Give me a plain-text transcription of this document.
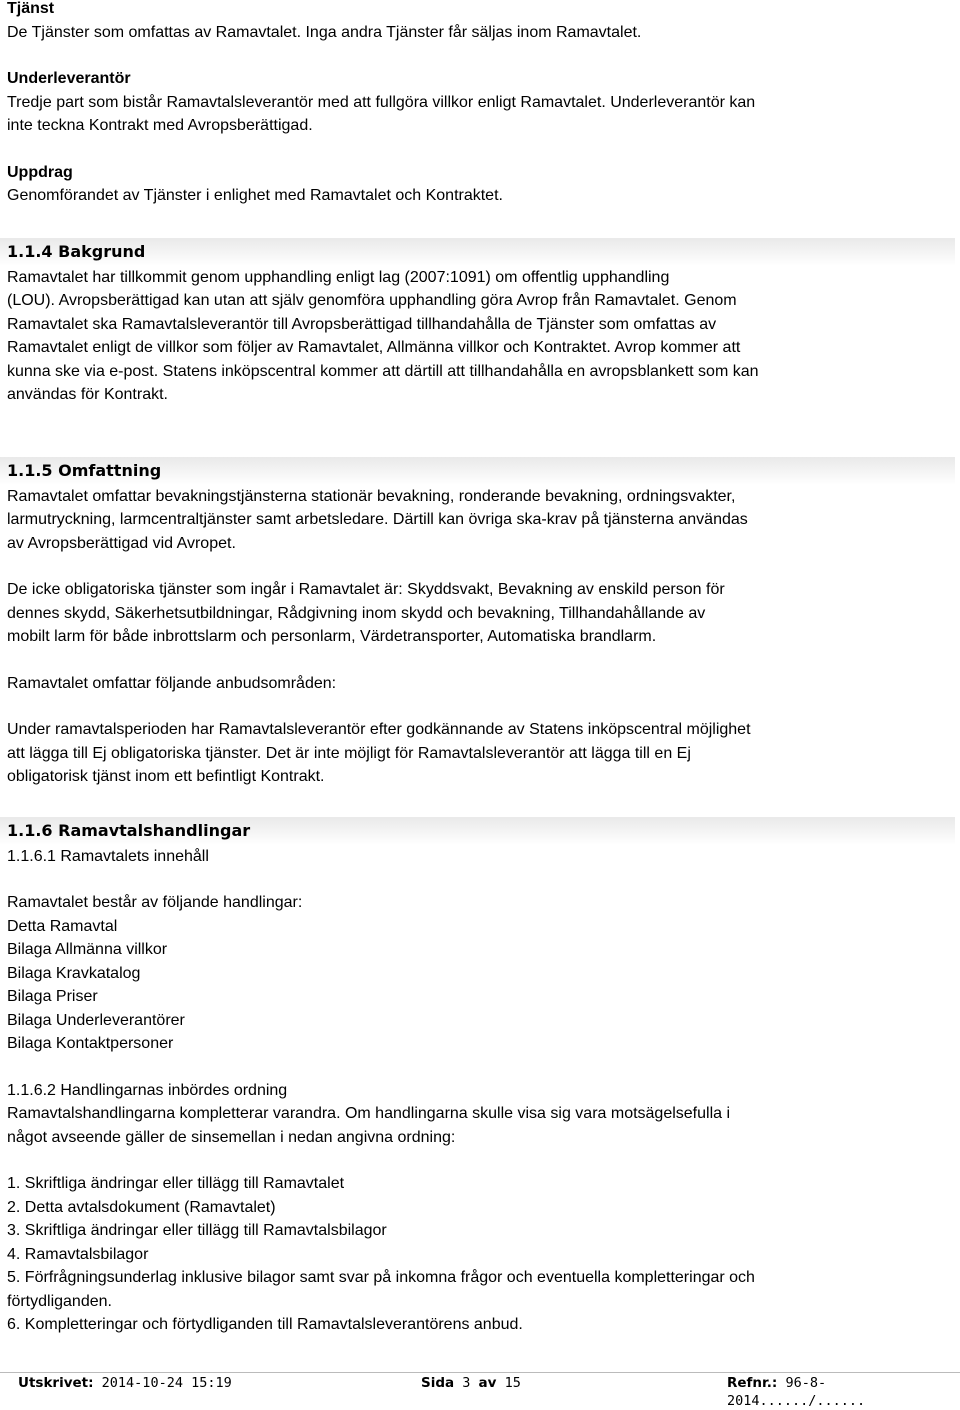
Tjänst

De Tjänster som omfattas av Ramavtalet. Inga andra Tjänster får säljas inom Ramavtalet.

Underleverantör

Tredje part som bistår Ramavtalsleverantör med att fullgöra villkor enligt Ramavtalet. Underleverantör kan

inte teckna Kontrakt med Avropsberättigad.

Uppdrag

Genomförandet av Tjänster i enlighet med Ramavtalet och Kontraktet.

1.1.4 Bakgrund

Ramavtalet har tillkommit genom upphandling enligt lag (2007:1091) om offentlig upphandling

(LOU). Avropsberättigad kan utan att själv genomföra upphandling göra Avrop från Ramavtalet. Genom

Ramavtalet ska Ramavtalsleverantör till Avropsberättigad tillhandahålla de Tjänster som omfattas av

Ramavtalet enligt de villkor som följer av Ramavtalet, Allmänna villkor och Kontraktet. Avrop kommer att

kunna ske via e-post. Statens inköpscentral kommer att därtill att tillhandahålla en avropsblankett som kan

användas för Kontrakt.

1.1.5 Omfattning

Ramavtalet omfattar bevakningstjänsterna stationär bevakning, ronderande bevakning, ordningsvakter,

larmutryckning, larmcentraltjänster samt arbetsledare. Därtill kan övriga ska-krav på tjänsterna användas

av Avropsberättigad vid Avropet.

De icke obligatoriska tjänster som ingår i Ramavtalet är: Skyddsvakt, Bevakning av enskild person för

dennes skydd, Säkerhetsutbildningar, Rådgivning inom skydd och bevakning, Tillhandahållande av

mobilt larm för både inbrottslarm och personlarm, Värdetransporter, Automatiska brandlarm.

Ramavtalet omfattar följande anbudsområden:

Under ramavtalsperioden har Ramavtalsleverantör efter godkännande av Statens inköpscentral möjlighet

att lägga till Ej obligatoriska tjänster. Det är inte möjligt för Ramavtalsleverantör att lägga till en Ej

obligatorisk tjänst inom ett befintligt Kontrakt.

1.1.6 Ramavtalshandlingar

1.1.6.1 Ramavtalets innehåll

Ramavtalet består av följande handlingar:

Detta Ramavtal

Bilaga Allmänna villkor

Bilaga Kravkatalog

Bilaga Priser

Bilaga Underleverantörer

Bilaga Kontaktpersoner

1.1.6.2 Handlingarnas inbördes ordning

Ramavtalshandlingarna kompletterar varandra. Om handlingarna skulle visa sig vara motsägelsefulla i

något avseende gäller de sinsemellan i nedan angivna ordning:

1. Skriftliga ändringar eller tillägg till Ramavtalet

2. Detta avtalsdokument (Ramavtalet)

3. Skriftliga ändringar eller tillägg till Ramavtalsbilagor

4. Ramavtalsbilagor

5. Förfrågningsunderlag inklusive bilagor samt svar på inkomna frågor och eventuella kompletteringar och

förtydliganden.

6. Kompletteringar och förtydliganden till Ramavtalsleverantörens anbud.

Utskrivet: 2014-10-24 15:19	Sida 3 av 15	Refnr.: 96-8-2014....../......
